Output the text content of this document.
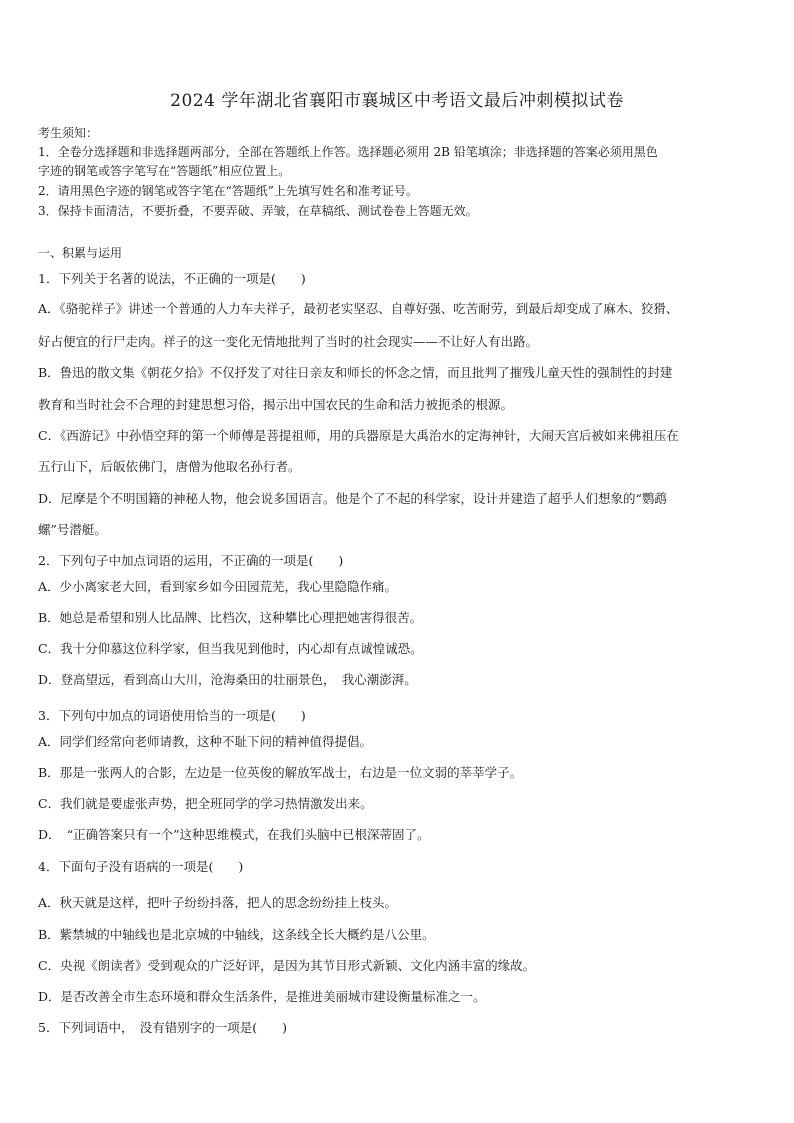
2024 学年湖北省襄阳市襄城区中考语文最后冲刺模拟试卷
考生须知：
1．全卷分选择题和非选择题两部分，全部在答题纸上作答。选择题必须用 2B 铅笔填涂；非选择题的答案必须用黑色
字迹的钢笔或答字笔写在“答题纸”相应位置上。
2．请用黑色字迹的钢笔或答字笔在“答题纸”上先填写姓名和准考证号。
3．保持卡面清洁，不要折叠，不要弄破、弄皱，在草稿纸、测试卷卷上答题无效。
一、积累与运用
1．下列关于名著的说法，不正确的一项是(　　)
A．《骆驼祥子》讲述一个普通的人力车夫祥子，最初老实坚忍、自尊好强、吃苦耐劳，到最后却变成了麻木、狡猾、
好占便宜的行尸走肉。祥子的这一变化无情地批判了当时的社会现实——不让好人有出路。
B．鲁迅的散文集《朝花夕拾》不仅抒发了对往日亲友和师长的怀念之情，而且批判了摧残儿童天性的强制性的封建
教育和当时社会不合理的封建思想习俗，揭示出中国农民的生命和活力被扼杀的根源。
C．《西游记》中孙悟空拜的第一个师傅是菩提祖师，用的兵器原是大禹治水的定海神针，大闹天宫后被如来佛祖压在
五行山下，后皈依佛门，唐僧为他取名孙行者。
D．尼摩是个不明国籍的神秘人物，他会说多国语言。他是个了不起的科学家，设计并建造了超乎人们想象的“鹦鹉
螺”号潜艇。
2．下列句子中加点词语的运用，不正确的一项是(　　)
A．少小离家老大回，看到家乡如今田园荒芜，我心里隐隐作痛。
B．她总是希望和别人比品牌、比档次，这种攀比心理把她害得很苦。
C．我十分仰慕这位科学家，但当我见到他时，内心却有点诚惶诚恐。
D．登高望远，看到高山大川，沧海桑田的壮丽景色，　我心潮澎湃。
3．下列句中加点的词语使用恰当的一项是(　　)
A．同学们经常向老师请教，这种不耻下问的精神值得提倡。
B．那是一张两人的合影，左边是一位英俊的解放军战士，右边是一位文弱的莘莘学子。
C．我们就是要虚张声势，把全班同学的学习热情激发出来。
D．　“正确答案只有一个”这种思维模式，在我们头脑中已根深蒂固了。
4．下面句子没有语病的一项是(　　)
A．秋天就是这样，把叶子纷纷抖落，把人的思念纷纷挂上枝头。
B．紫禁城的中轴线也是北京城的中轴线，这条线全长大概约是八公里。
C．央视《朗读者》受到观众的广泛好评，是因为其节目形式新颖、文化内涵丰富的缘故。
D．是否改善全市生态环境和群众生活条件，是推进美丽城市建设衡量标准之一。
5．下列词语中，　没有错别字的一项是(　　)
